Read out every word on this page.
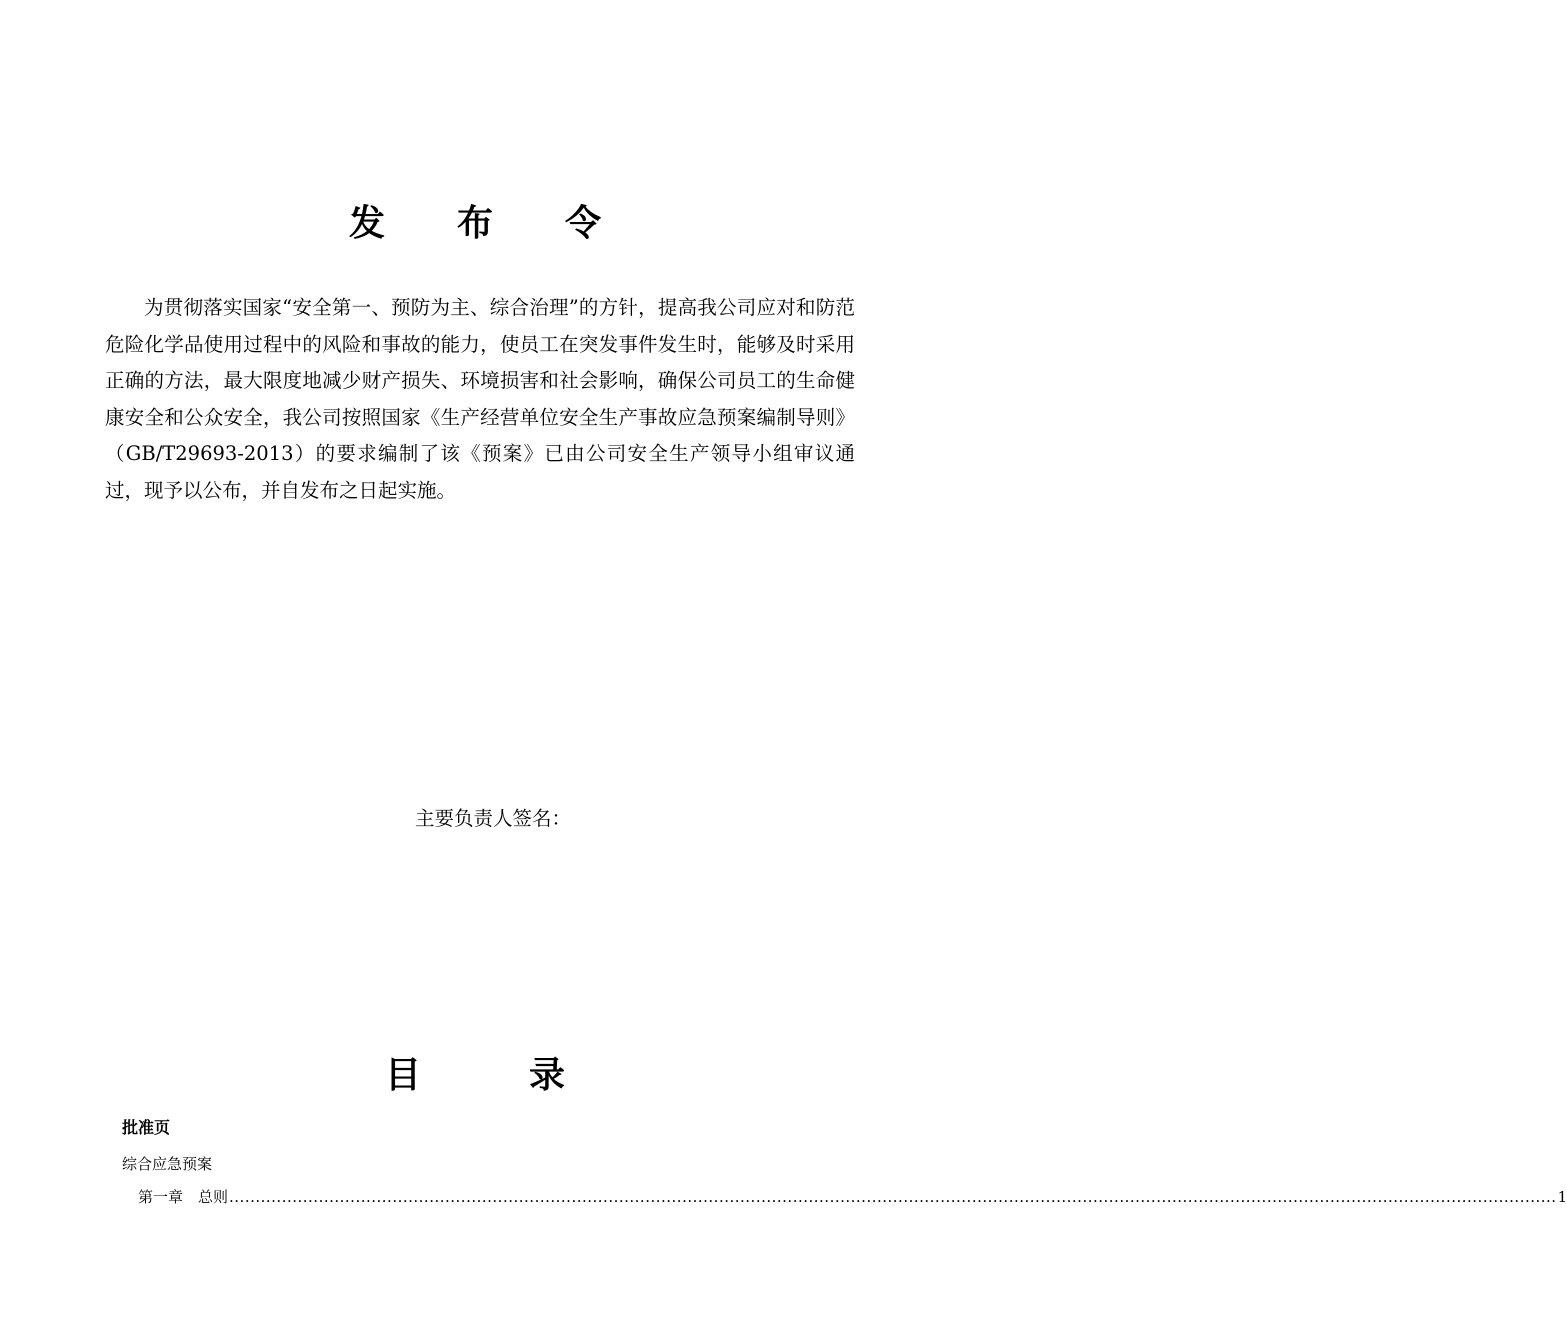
发　　布　　令

为贯彻落实国家“安全第一、预防为主、综合治理”的方针，提高我公司应对和防范危险化学品使用过程中的风险和事故的能力，使员工在突发事件发生时，能够及时采用正确的方法，最大限度地减少财产损失、环境损害和社会影响，确保公司员工的生命健康安全和公众安全，我公司按照国家《生产经营单位安全生产事故应急预案编制导则》（GB/T29693-2013）的要求编制了该《预案》已由公司安全生产领导小组审议通过，现予以公布，并自发布之日起实施。

主要负责人签名：
目　　　录
批准页
综合应急预案
第一章　总则 ............................................................................................................................................................................................................................................................ 1
